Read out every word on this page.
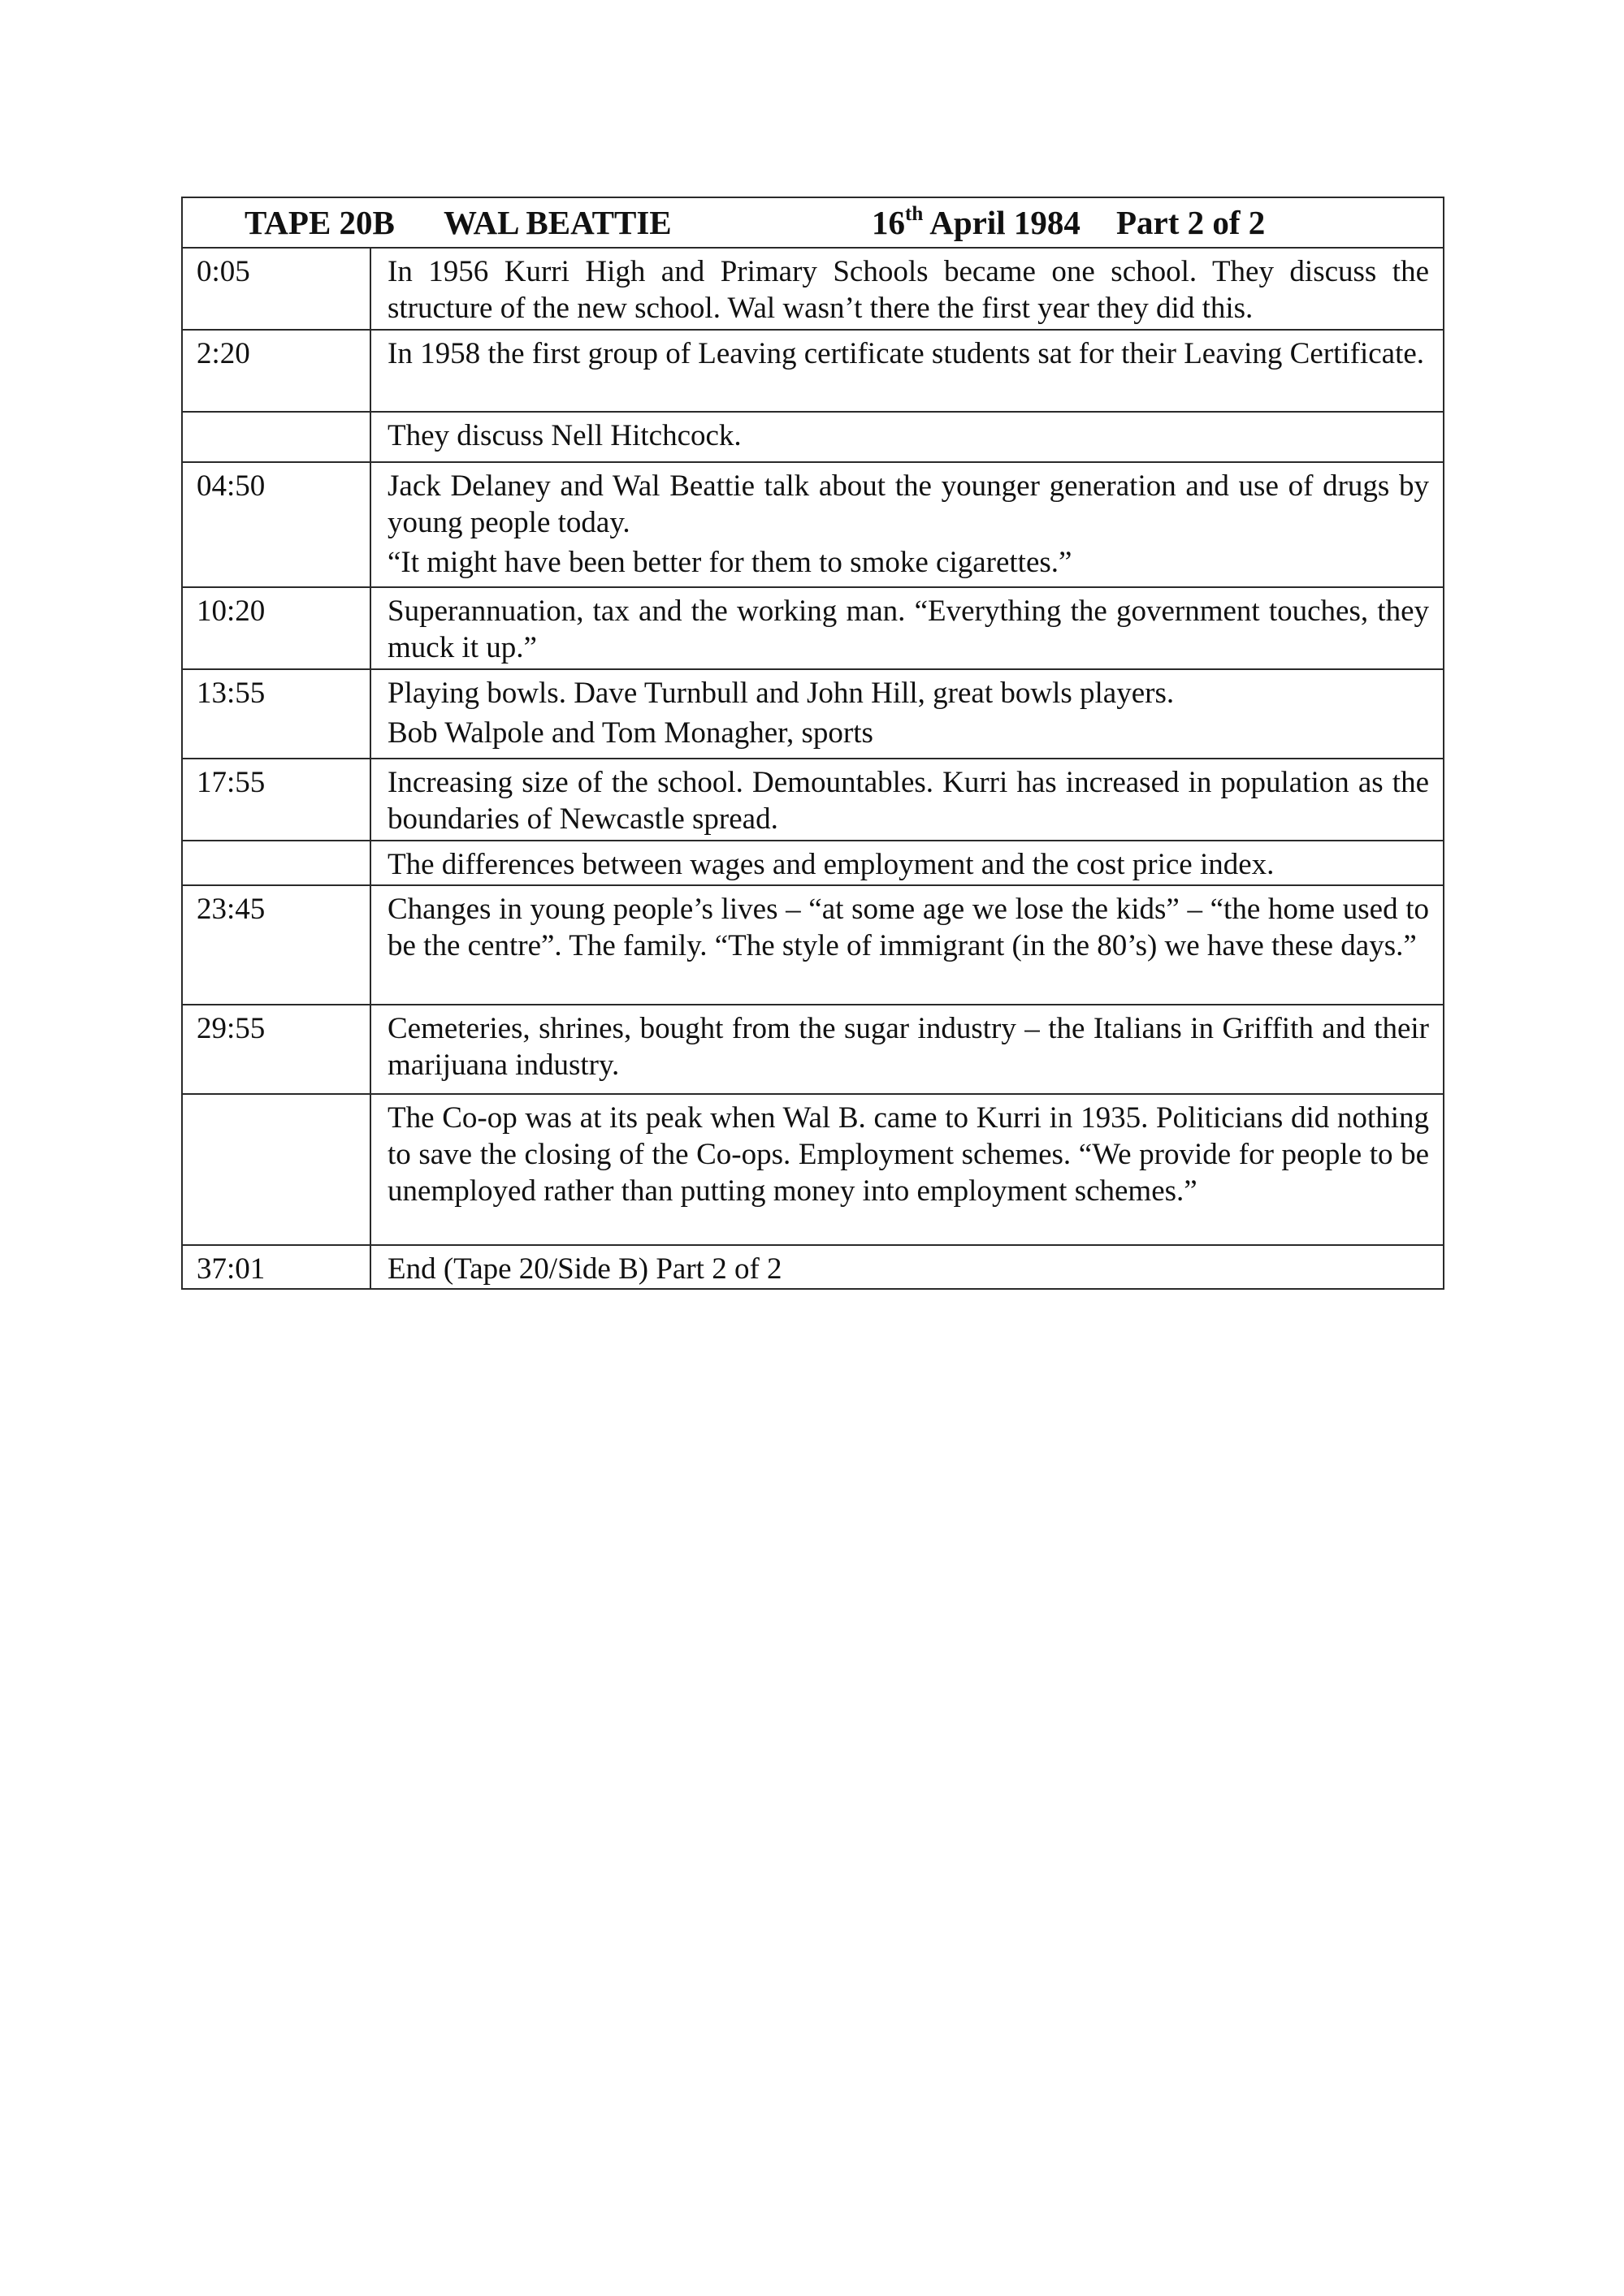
TAPE 20B WAL BEATTIE 16th April 1984 Part 2 of 2	

0:05	In 1956 Kurri High and Primary Schools became one school. They discuss the structure of the new school. Wal wasn’t there the first year they did this.

2:20	In 1958 the first group of Leaving certificate students sat for their Leaving Certificate.

	They discuss Nell Hitchcock.

04:50	Jack Delaney and Wal Beattie talk about the younger generation and use of drugs by young people today.

“It might have been better for them to smoke cigarettes.”

10:20	Superannuation, tax and the working man. “Everything the government touches, they muck it up.”

13:55	Playing bowls. Dave Turnbull and John Hill, great bowls players.

Bob Walpole and Tom Monagher, sports

17:55	Increasing size of the school. Demountables. Kurri has increased in population as the boundaries of Newcastle spread.

	The differences between wages and employment and the cost price index.

23:45	Changes in young people’s lives – “at some age we lose the kids” – “the home used to be the centre”. The family. “The style of immigrant (in the 80’s) we have these days.”

29:55	Cemeteries, shrines, bought from the sugar industry – the Italians in Griffith and their marijuana industry.

	The Co-op was at its peak when Wal B. came to Kurri in 1935. Politicians did nothing to save the closing of the Co-ops. Employment schemes. “We provide for people to be unemployed rather than putting money into employment schemes.”

37:01	End (Tape 20/Side B) Part 2 of 2
